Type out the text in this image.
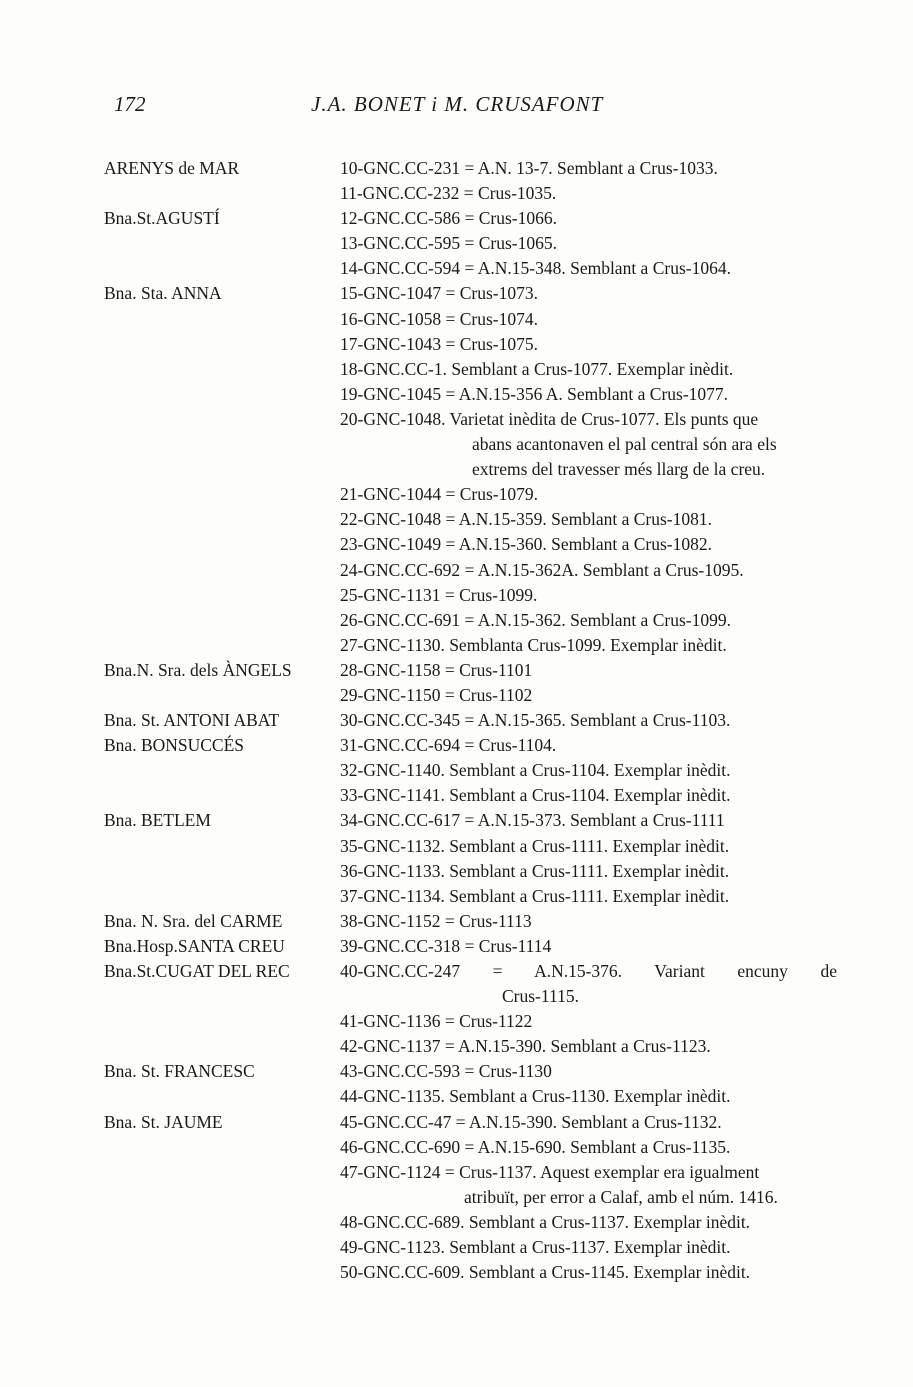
172	J.A. BONET i M. CRUSAFONT
ARENYS de MAR	10-GNC.CC-231 = A.N. 13-7. Semblant a Crus-1033.
11-GNC.CC-232 = Crus-1035.
Bna.St.AGUSTÍ	12-GNC.CC-586 = Crus-1066.
13-GNC.CC-595 = Crus-1065.
14-GNC.CC-594 = A.N.15-348. Semblant a Crus-1064.
Bna. Sta. ANNA	15-GNC-1047 = Crus-1073.
16-GNC-1058 = Crus-1074.
17-GNC-1043 = Crus-1075.
18-GNC.CC-1. Semblant a Crus-1077. Exemplar inèdit.
19-GNC-1045 = A.N.15-356 A. Semblant a Crus-1077.
20-GNC-1048. Varietat inèdita de Crus-1077. Els punts que
abans acantonaven el pal central són ara els
extrems del travesser més llarg de la creu.
21-GNC-1044 = Crus-1079.
22-GNC-1048 = A.N.15-359. Semblant a Crus-1081.
23-GNC-1049 = A.N.15-360. Semblant a Crus-1082.
24-GNC.CC-692 = A.N.15-362A. Semblant a Crus-1095.
25-GNC-1131 = Crus-1099.
26-GNC.CC-691 = A.N.15-362. Semblant a Crus-1099.
27-GNC-1130. Semblanta Crus-1099. Exemplar inèdit.
Bna.N. Sra. dels ÀNGELS	28-GNC-1158 = Crus-1101
29-GNC-1150 = Crus-1102
Bna. St. ANTONI ABAT	30-GNC.CC-345 = A.N.15-365. Semblant a Crus-1103.
Bna. BONSUCCÉS	31-GNC.CC-694 = Crus-1104.
32-GNC-1140. Semblant a Crus-1104. Exemplar inèdit.
33-GNC-1141. Semblant a Crus-1104. Exemplar inèdit.
Bna. BETLEM	34-GNC.CC-617 = A.N.15-373. Semblant a Crus-1111
35-GNC-1132. Semblant a Crus-1111. Exemplar inèdit.
36-GNC-1133. Semblant a Crus-1111. Exemplar inèdit.
37-GNC-1134. Semblant a Crus-1111. Exemplar inèdit.
Bna. N. Sra. del CARME	38-GNC-1152 = Crus-1113
Bna.Hosp.SANTA CREU	39-GNC.CC-318 = Crus-1114
Bna.St.CUGAT DEL REC	40-GNC.CC-247 = A.N.15-376. Variant encuny de
Crus-1115.
41-GNC-1136 = Crus-1122
42-GNC-1137 = A.N.15-390. Semblant a Crus-1123.
Bna. St. FRANCESC	43-GNC.CC-593 = Crus-1130
44-GNC-1135. Semblant a Crus-1130. Exemplar inèdit.
Bna. St. JAUME	45-GNC.CC-47 = A.N.15-390. Semblant a Crus-1132.
46-GNC.CC-690 = A.N.15-690. Semblant a Crus-1135.
47-GNC-1124 = Crus-1137. Aquest exemplar era igualment
atribuït, per error a Calaf, amb el núm. 1416.
48-GNC.CC-689. Semblant a Crus-1137. Exemplar inèdit.
49-GNC-1123. Semblant a Crus-1137. Exemplar inèdit.
50-GNC.CC-609. Semblant a Crus-1145. Exemplar inèdit.
